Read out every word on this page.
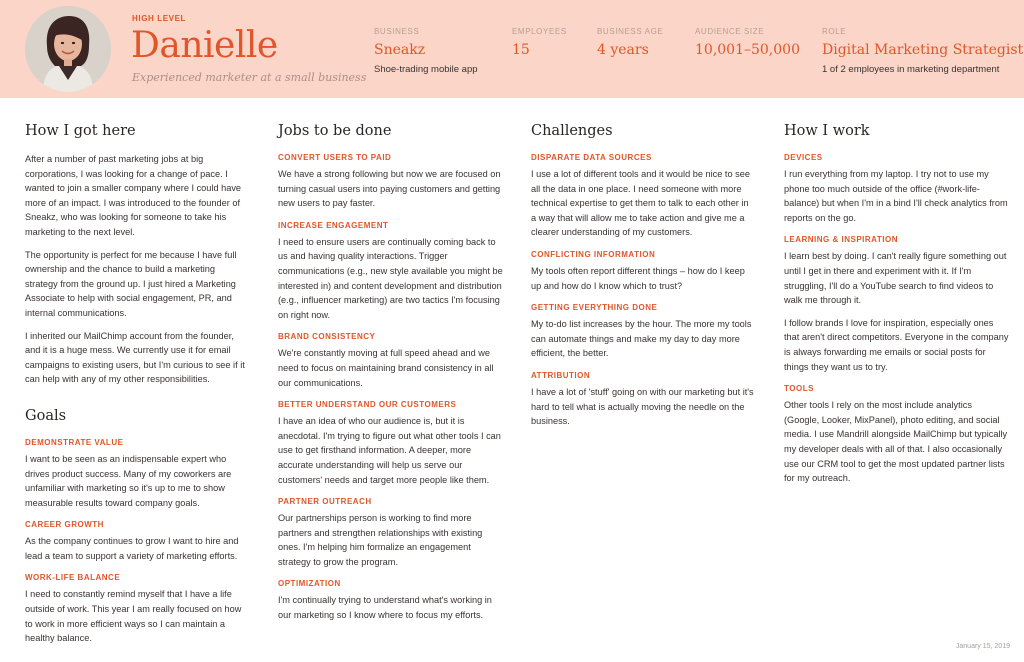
HIGH LEVEL
Danielle
Experienced marketer at a small business
BUSINESS
Sneakz
Shoe-trading mobile app
EMPLOYEES
15
BUSINESS AGE
4 years
AUDIENCE SIZE
10,001–50,000
ROLE
Digital Marketing Strategist
1 of 2 employees in marketing department
How I got here

After a number of past marketing jobs at big corporations, I was looking for a change of pace. I wanted to join a smaller company where I could have more of an impact. I was introduced to the founder of Sneakz, who was looking for someone to take his marketing to the next level.

The opportunity is perfect for me because I have full ownership and the chance to build a marketing strategy from the ground up. I just hired a Marketing Associate to help with social engagement, PR, and internal communications.

I inherited our MailChimp account from the founder, and it is a huge mess. We currently use it for email campaigns to existing users, but I'm curious to see if it can help with any of my other responsibilities.

Goals
DEMONSTRATE VALUE

I want to be seen as an indispensable expert who drives product success. Many of my coworkers are unfamiliar with marketing so it's up to me to show measurable results toward company goals.

CAREER GROWTH

As the company continues to grow I want to hire and lead a team to support a variety of marketing efforts.

WORK-LIFE BALANCE

I need to constantly remind myself that I have a life outside of work. This year I am really focused on how to work in more efficient ways so I can maintain a healthy balance.

Jobs to be done
CONVERT USERS TO PAID

We have a strong following but now we are focused on turning casual users into paying customers and getting new users to pay faster.

INCREASE ENGAGEMENT

I need to ensure users are continually coming back to us and having quality interactions. Trigger communications (e.g., new style available you might be interested in) and content development and distribution (e.g., influencer marketing) are two tactics I'm focusing on right now.

BRAND CONSISTENCY

We're constantly moving at full speed ahead and we need to focus on maintaining brand consistency in all our communications.

BETTER UNDERSTAND OUR CUSTOMERS

I have an idea of who our audience is, but it is anecdotal. I'm trying to figure out what other tools I can use to get firsthand information. A deeper, more accurate understanding will help us serve our customers' needs and target more people like them.

PARTNER OUTREACH

Our partnerships person is working to find more partners and strengthen relationships with existing ones. I'm helping him formalize an engagement strategy to grow the program.

OPTIMIZATION

I'm continually trying to understand what's working in our marketing so I know where to focus my efforts.

Challenges
DISPARATE DATA SOURCES

I use a lot of different tools and it would be nice to see all the data in one place. I need someone with more technical expertise to get them to talk to each other in a way that will allow me to take action and give me a clearer understanding of my customers.

CONFLICTING INFORMATION

My tools often report different things – how do I keep up and how do I know which to trust?

GETTING EVERYTHING DONE

My to-do list increases by the hour. The more my tools can automate things and make my day to day more efficient, the better.

ATTRIBUTION

I have a lot of 'stuff' going on with our marketing but it's hard to tell what is actually moving the needle on the business.

How I work
DEVICES

I run everything from my laptop. I try not to use my phone too much outside of the office (#work-life-balance) but when I'm in a bind I'll check analytics from reports on the go.

LEARNING & INSPIRATION

I learn best by doing. I can't really figure something out until I get in there and experiment with it. If I'm struggling, I'll do a YouTube search to find videos to walk me through it.

I follow brands I love for inspiration, especially ones that aren't direct competitors. Everyone in the company is always forwarding me emails or social posts for things they want us to try.

TOOLS

Other tools I rely on the most include analytics (Google, Looker, MixPanel), photo editing, and social media. I use Mandrill alongside MailChimp but typically my developer deals with all of that. I also occasionally use our CRM tool to get the most updated partner lists for my outreach.

January 15, 2019
